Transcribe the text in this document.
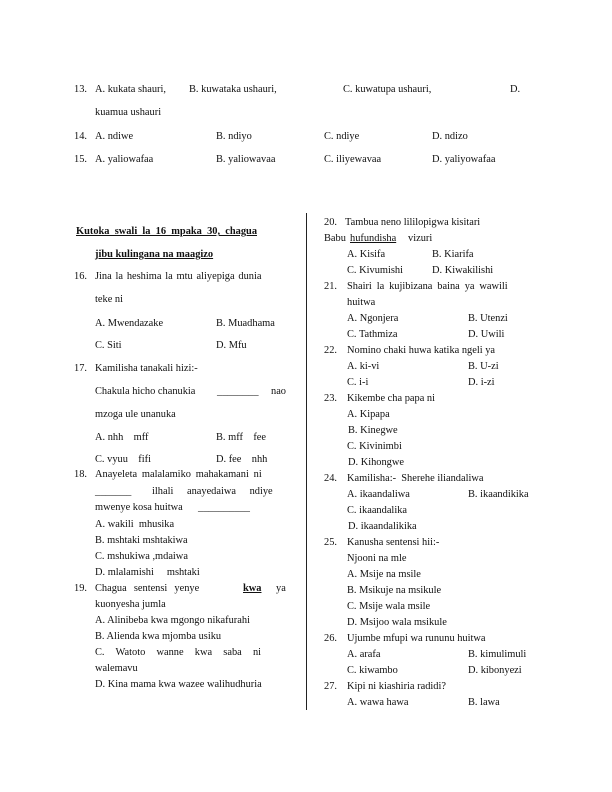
13. A. kukata shauri, B. kuwataka ushauri,	C. kuwatupa ushauri,	D.
kuamua ushauri
14. A. ndiwe	B. ndiyo	C. ndiye	D. ndizo
15. A. yaliowafaa	B. yaliowavaa	C. iliyewavaa	D. yaliyowafaa
Kutoka swali la 16 mpaka 30, chagua
jibu kulingana na maagizo
16. Jina la heshima la mtu aliyepiga dunia
teke ni
A. Mwendazake	B. Muadhama
C. Siti	D. Mfu
17. Kamilisha tanakali hizi:-
Chakula hicho chanukia ________ nao
mzoga ule unanuka
A. nhh    mff	B. mff    fee
C. vyuu    fifi	D. fee    nhh
18. Anayeleta malalamiko mahakamani ni
_______ ilhali anayedaiwa ndiye
mwenye kosa huitwa __________
A. wakili  mhusika
B. mshtaki mshtakiwa
C. mshukiwa ,mdaiwa
D. mlalamishi     mshtaki
19. Chagua sentensi yenye	kwa	ya
kuonyesha jumla
A. Alinibeba kwa mgongo nikafurahi
B. Alienda kwa mjomba usiku
C.  Watoto  wanne  kwa  saba  ni
walemavu
D. Kina mama kwa wazee walihudhuria
20. Tambua neno lililopigwa kisitari
Babu hufundisha vizuri
A. Kisifa	B. Kiarifa
C. Kivumishi	D. Kiwakilishi
21. Shairi la kujibizana baina ya wawili
huitwa
A. Ngonjera	B. Utenzi
C. Tathmiza	D. Uwili
22. Nomino chaki huwa katika ngeli ya
A. ki-vi	B. U-zi
C. i-i	D. i-zi
23. Kikembe cha papa ni
A. Kipapa
B. Kinegwe
C. Kivinimbi
D. Kihongwe
24. Kamilisha:-  Sherehe iliandaliwa
A. ikaandaliwa	B. ikaandikika
C. ikaandalika
D. ikaandalikika
25. Kanusha sentensi hii:-
Njooni na mle
A. Msije na msile
B. Msikuje na msikule
C. Msije wala msile
D. Msijoo wala msikule
26. Ujumbe mfupi wa rununu huitwa
A. arafa	B. kimulimuli
C. kiwambo	D. kibonyezi
27. Kipi ni kiashiria radidi?
A. wawa hawa	B. lawa
